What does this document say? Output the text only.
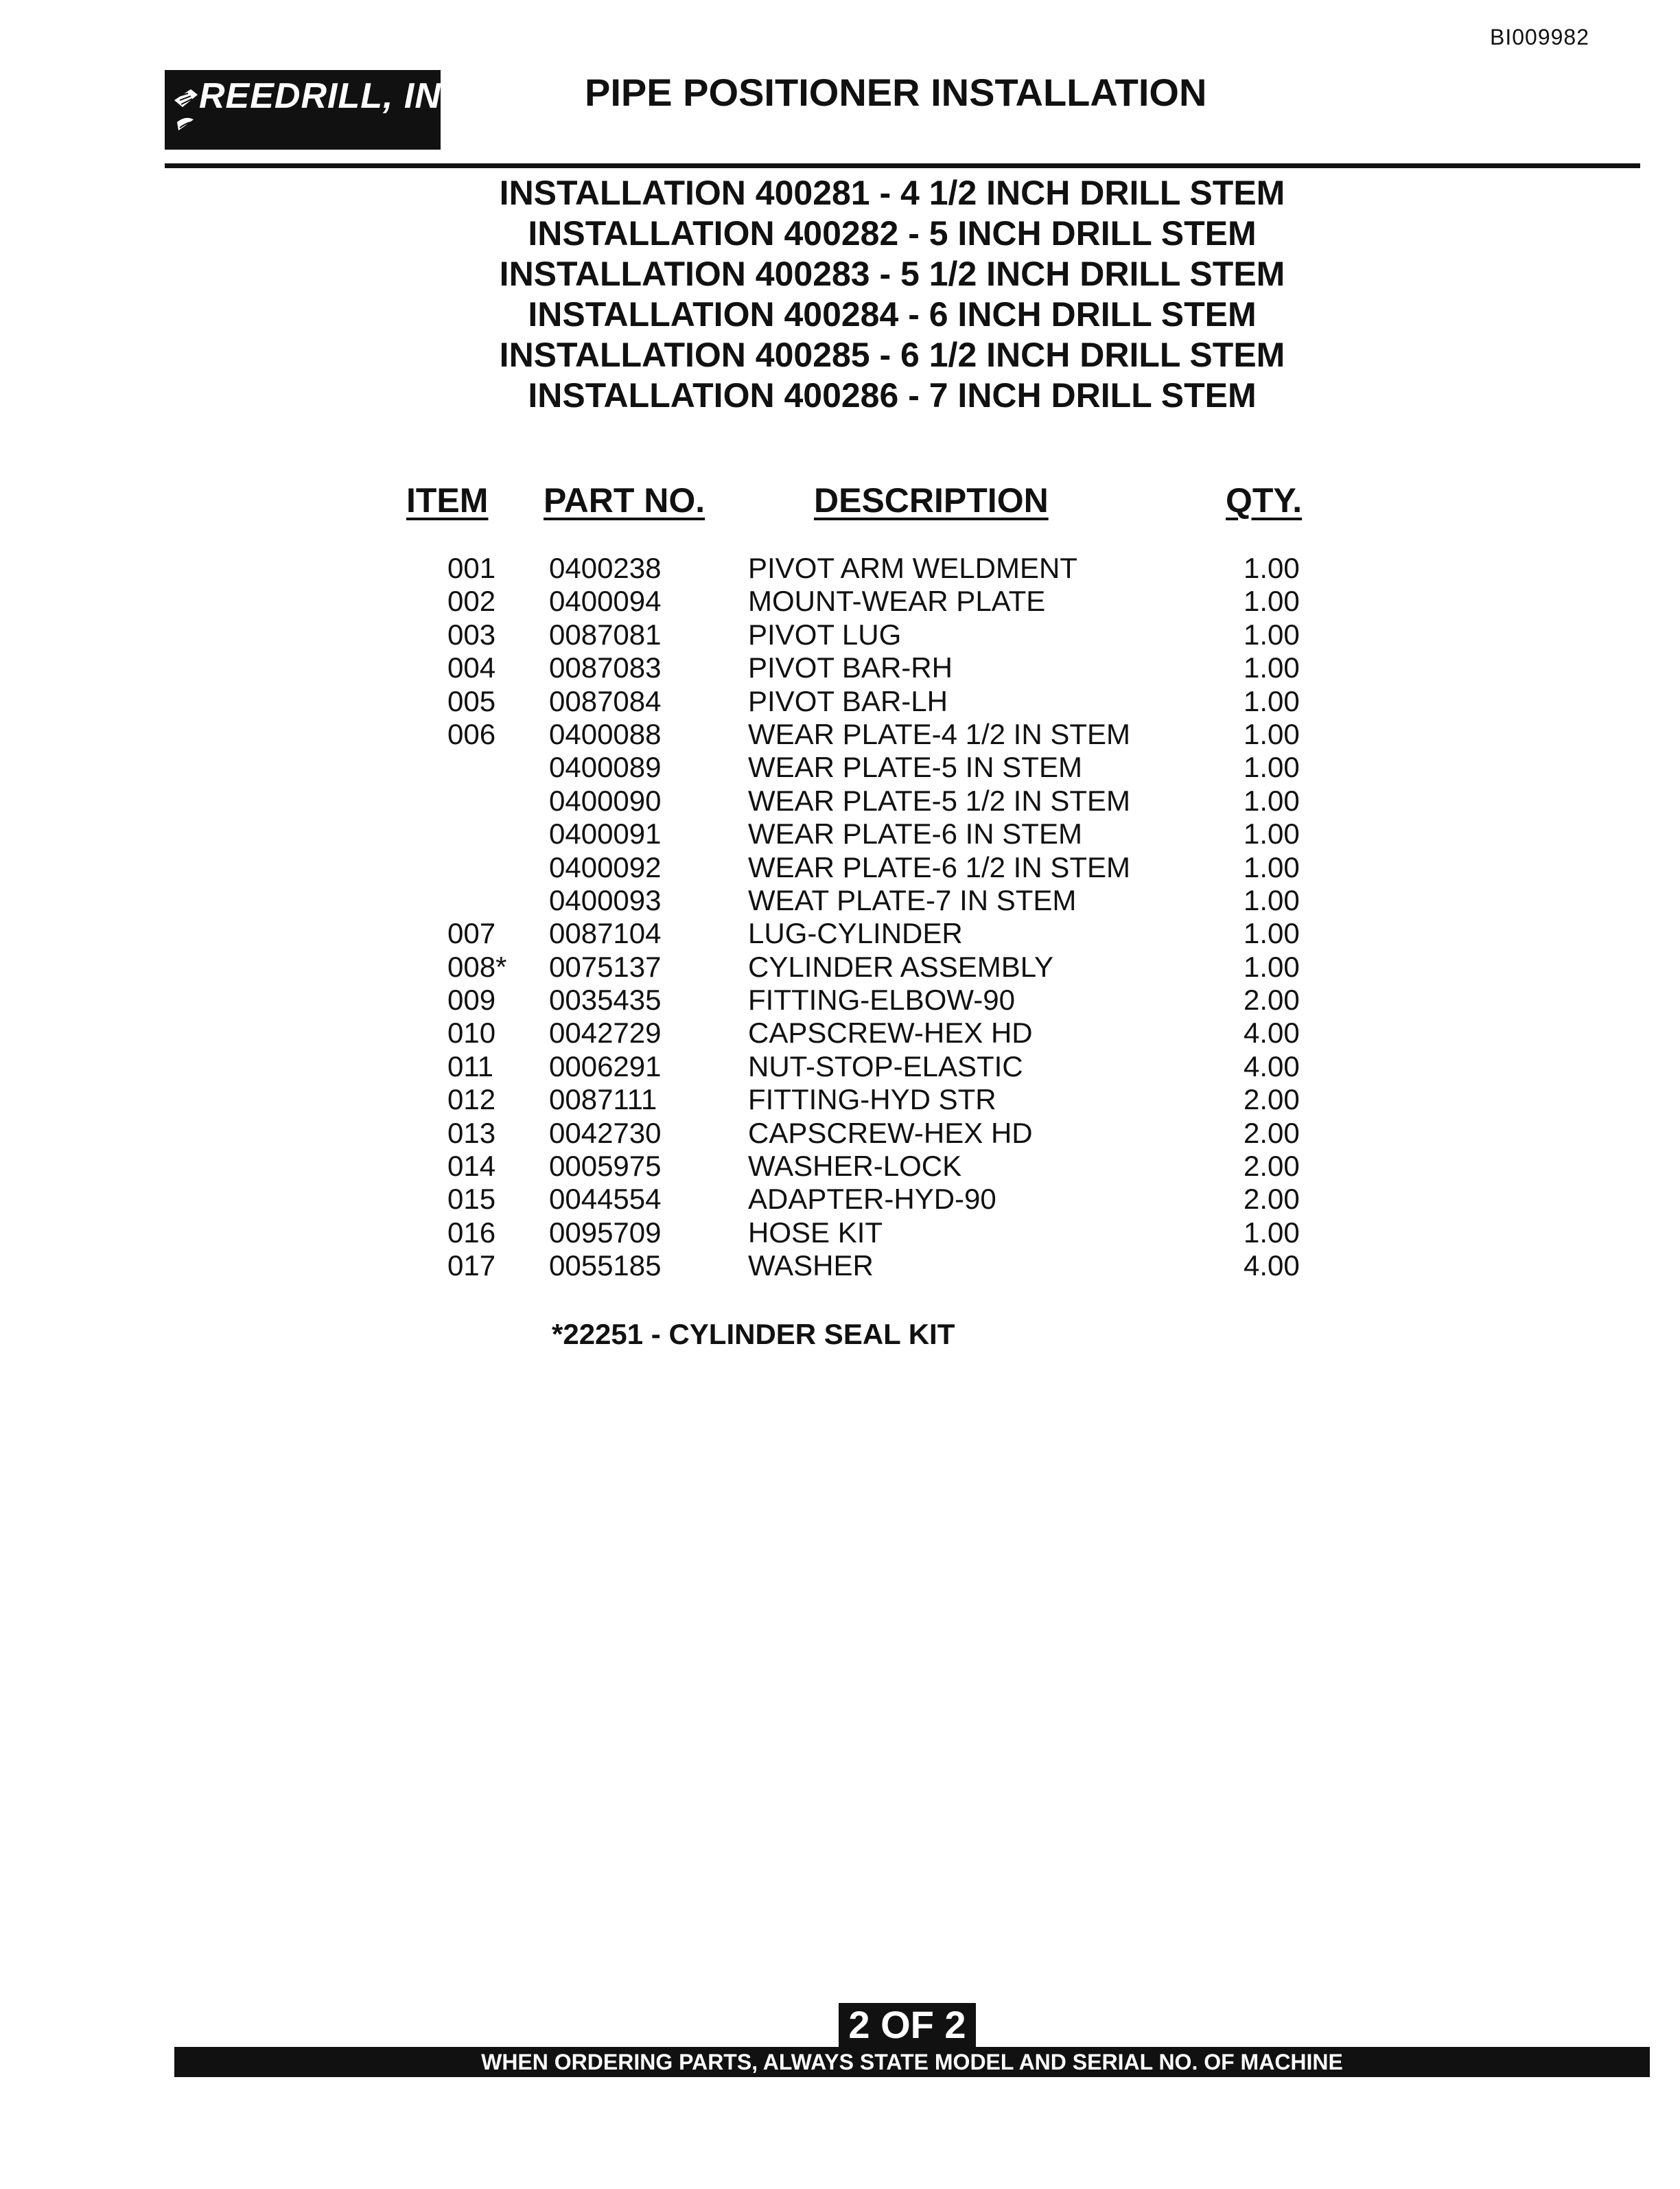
BI009982
REEDRILL, INC.	PIPE POSITIONER INSTALLATION
INSTALLATION 400281 - 4 1/2 INCH DRILL STEM
INSTALLATION 400282 - 5 INCH DRILL STEM
INSTALLATION 400283 - 5 1/2 INCH DRILL STEM
INSTALLATION 400284 - 6 INCH DRILL STEM
INSTALLATION 400285 - 6 1/2 INCH DRILL STEM
INSTALLATION 400286 - 7 INCH DRILL STEM
ITEM PART NO.	DESCRIPTION	QTY.
001 0400238	PIVOT ARM WELDMENT	1.00
002 0400094	MOUNT-WEAR PLATE	1.00
003 0087081	PIVOT LUG	1.00
004 0087083	PIVOT BAR-RH	1.00
005 0087084	PIVOT BAR-LH	1.00
006 0400088	WEAR PLATE-4 1/2 IN STEM	1.00
0400089	WEAR PLATE-5 IN STEM	1.00
0400090	WEAR PLATE-5 1/2 IN STEM	1.00
0400091	WEAR PLATE-6 IN STEM	1.00
0400092	WEAR PLATE-6 1/2 IN STEM	1.00
0400093	WEAT PLATE-7 IN STEM	1.00
007 0087104	LUG-CYLINDER	1.00
008* 0075137	CYLINDER ASSEMBLY	1.00
009 0035435	FITTING-ELBOW-90	2.00
010 0042729	CAPSCREW-HEX HD	4.00
011 0006291	NUT-STOP-ELASTIC	4.00
012 0087111	FITTING-HYD STR	2.00
013 0042730	CAPSCREW-HEX HD	2.00
014 0005975	WASHER-LOCK	2.00
015 0044554	ADAPTER-HYD-90	2.00
016 0095709	HOSE KIT	1.00
017 0055185	WASHER	4.00
*22251 - CYLINDER SEAL KIT
2 OF 2
WHEN ORDERING PARTS, ALWAYS STATE MODEL AND SERIAL NO. OF MACHINE
